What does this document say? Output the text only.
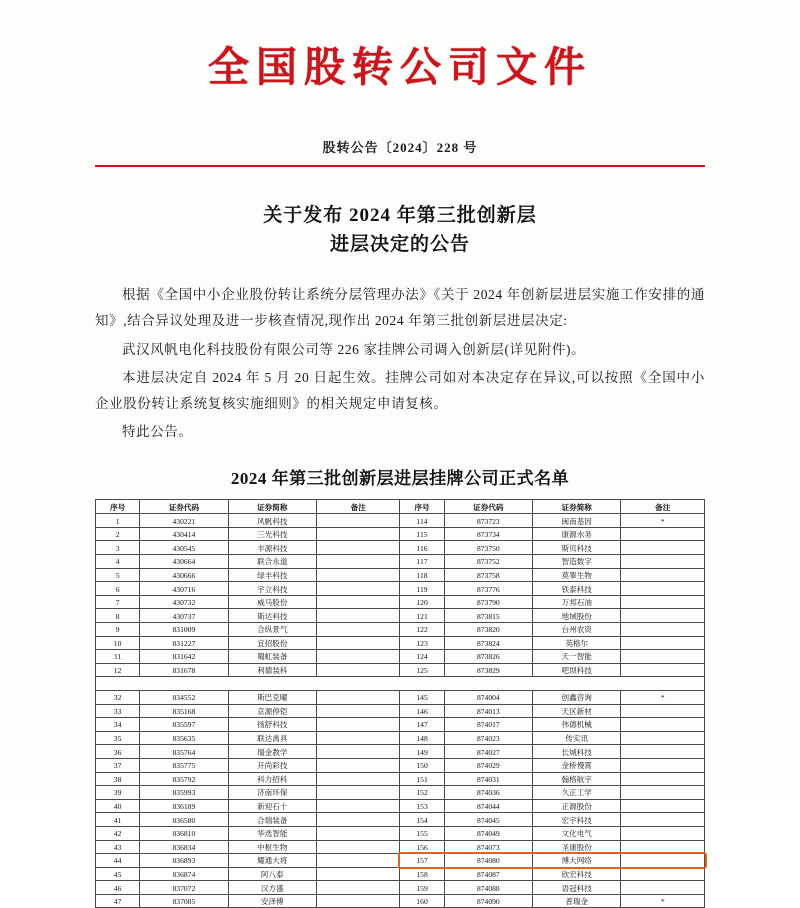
全国股转公司文件
股转公告〔2024〕228 号
关于发布 2024 年第三批创新层
进层决定的公告

根据《全国中小企业股份转让系统分层管理办法》《关于 2024 年创新层进层实施工作安排的通知》,结合异议处理及进一步核查情况,现作出 2024 年第三批创新层进层决定:

武汉风帆电化科技股份有限公司等 226 家挂牌公司调入创新层(详见附件)。

本进层决定自 2024 年 5 月 20 日起生效。挂牌公司如对本决定存在异议,可以按照《全国中小企业股份转让系统复核实施细则》的相关规定申请复核。

特此公告。

2024 年第三批创新层进层挂牌公司正式名单
序号	证券代码	证券简称	备注	序号	证券代码	证券简称	备注
1	430221	风帆科技		114	873723	闽南基因	*
2	430414	三光科技		115	873734	康源水务	
3	430545	丰源科技		116	873750	斯贝科技	
4	430664	联合永道		117	873752	智造数字	
5	430666	绿丰科技		118	873758	莫睾生物	
6	430716	宇立科技		119	873776	铁泰科技	
7	430732	威马股份		120	873790	万邦石油	
8	430737	斯达科技		121	873815	地域股份	
9	831009	合纵景气		122	873820	台州农资	
10	831227	宜招股份		123	873824	英格尔	
11	831642	蜀虹装备		124	873826	天一智能	
12	831678	利德装科		125	873829	吧坝科技	

32	834552	斯巴克曜		145	874004	创鑫咨询	*
33	835168	京源停铠		146	874013	天区新材	
34	835597	扬舒科技		147	874017	伟德机械	
35	835635	联达禹具		148	874023	传实讯	
36	835764	瑞金教学		149	874027	长城科技	
37	835775	开尚彩技		150	874029	金桥慢霄	
38	835792	科力招科		151	874031	翰格航宇	
39	835993	济南环保		152	874036	久正工学	
40	836189	新迎石十		153	874044	正源股份	
41	836580	合瑞装备		154	874045	宏宇科技	
42	836810	华选智能		155	874049	文化电气	
43	836834	中枢生物		156	874073	圣康股份	
44	836893	耀通大将		157	874080	博大网络	
45	836874	阿八泰		158	874087	欣宏科技	
46	837072	汉方盛		159	874088	语冠科技	
47	837085	安泽傅		160	874090	普瑞金	*
